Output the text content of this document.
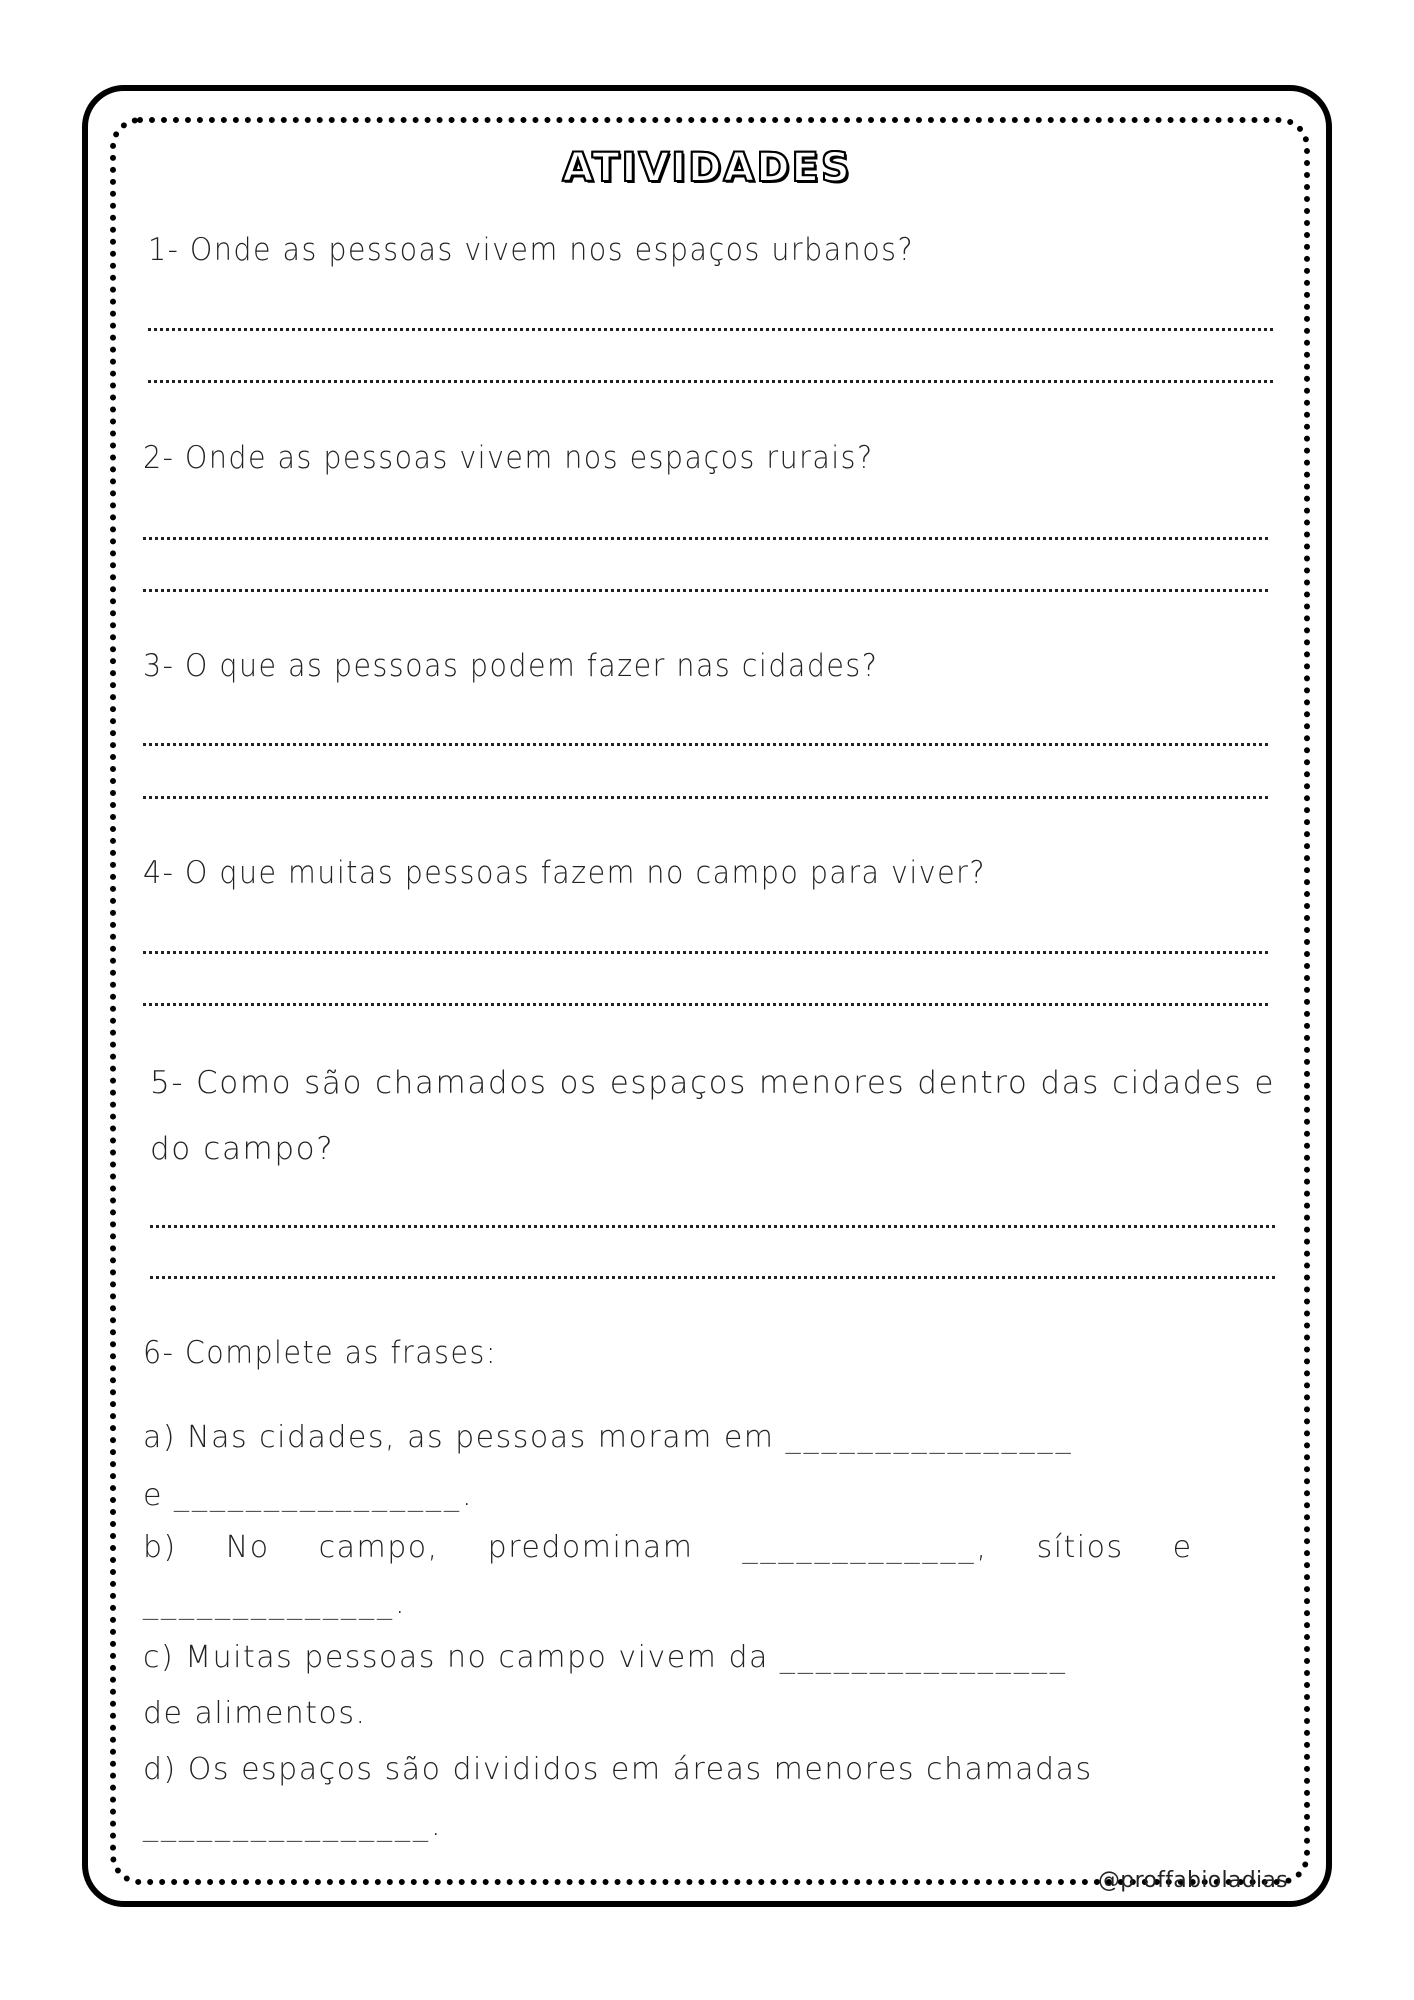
ATIVIDADES
1- Onde as pessoas vivem nos espaços urbanos?
2- Onde as pessoas vivem nos espaços rurais?
3- O que as pessoas podem fazer nas cidades?
4- O que muitas pessoas fazem no campo para viver?
5- Como são chamados os espaços menores dentro das cidades e do campo?
6- Complete as frases:
a) Nas cidades, as pessoas moram em ________________
e ________________.
b) No campo, predominam _____________, sítios e
______________.
c) Muitas pessoas no campo vivem da ________________
de alimentos.
d) Os espaços são divididos em áreas menores chamadas
________________.
@proffabioladias
